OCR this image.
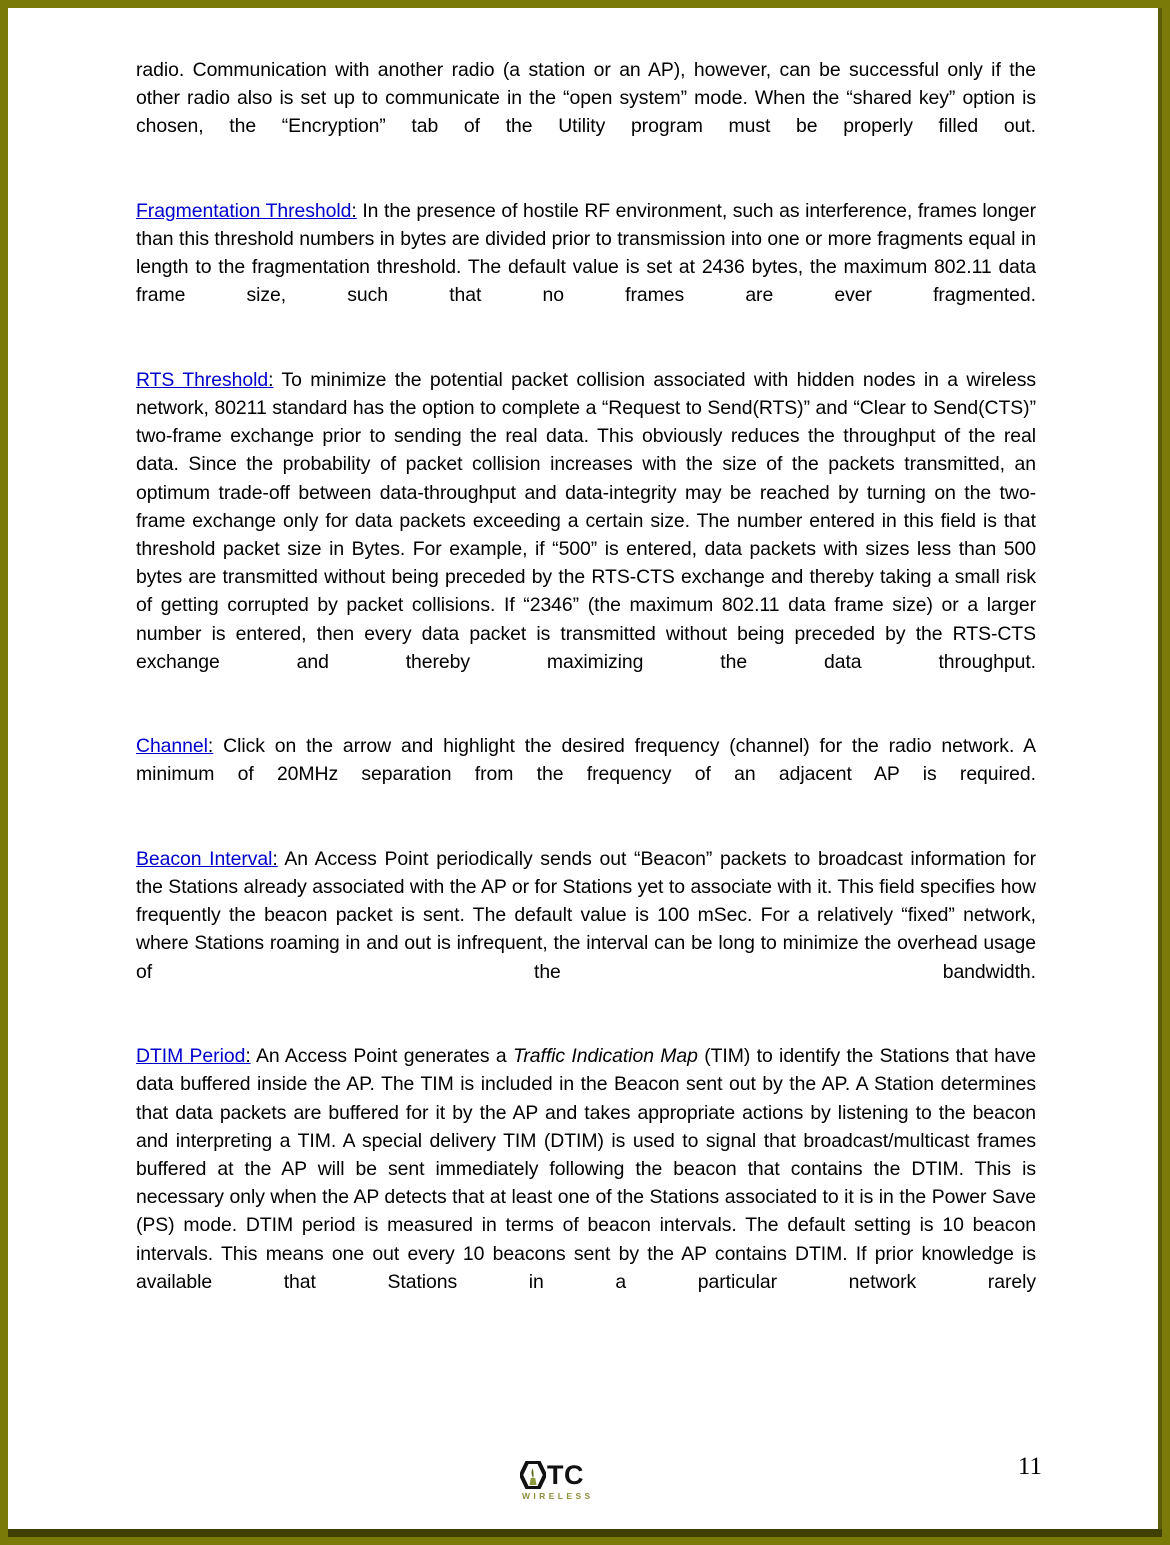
radio. Communication with another radio (a station or an AP), however, can be successful only if the other radio also is set up to communicate in the “open system” mode. When the “shared key” option is chosen, the “Encryption” tab of the Utility program must be properly filled out.

Fragmentation Threshold: In the presence of hostile RF environment, such as interference, frames longer than this threshold numbers in bytes are divided prior to transmission into one or more fragments equal in length to the fragmentation threshold. The default value is set at 2436 bytes, the maximum 802.11 data frame size, such that no frames are ever fragmented.

RTS Threshold: To minimize the potential packet collision associated with hidden nodes in a wireless network, 80211 standard has the option to complete a “Request to Send(RTS)” and “Clear to Send(CTS)” two-frame exchange prior to sending the real data. This obviously reduces the throughput of the real data. Since the probability of packet collision increases with the size of the packets transmitted, an optimum trade-off between data-throughput and data-integrity may be reached by turning on the two-frame exchange only for data packets exceeding a certain size. The number entered in this field is that threshold packet size in Bytes. For example, if “500” is entered, data packets with sizes less than 500 bytes are transmitted without being preceded by the RTS-CTS exchange and thereby taking a small risk of getting corrupted by packet collisions. If “2346” (the maximum 802.11 data frame size) or a larger number is entered, then every data packet is transmitted without being preceded by the RTS-CTS exchange and thereby maximizing the data throughput.

Channel: Click on the arrow and highlight the desired frequency (channel) for the radio network. A minimum of 20MHz separation from the frequency of an adjacent AP is required.

Beacon Interval: An Access Point periodically sends out “Beacon” packets to broadcast information for the Stations already associated with the AP or for Stations yet to associate with it. This field specifies how frequently the beacon packet is sent. The default value is 100 mSec. For a relatively “fixed” network, where Stations roaming in and out is infrequent, the interval can be long to minimize the overhead usage of the bandwidth.

DTIM Period: An Access Point generates a Traffic Indication Map (TIM) to identify the Stations that have data buffered inside the AP. The TIM is included in the Beacon sent out by the AP. A Station determines that data packets are buffered for it by the AP and takes appropriate actions by listening to the beacon and interpreting a TIM. A special delivery TIM (DTIM) is used to signal that broadcast/multicast frames buffered at the AP will be sent immediately following the beacon that contains the DTIM. This is necessary only when the AP detects that at least one of the Stations associated to it is in the Power Save (PS) mode. DTIM period is measured in terms of beacon intervals. The default setting is 10 beacon intervals. This means one out every 10 beacons sent by the AP contains DTIM. If prior knowledge is available that Stations in a particular network rarely

TC
WIRELESS
11
